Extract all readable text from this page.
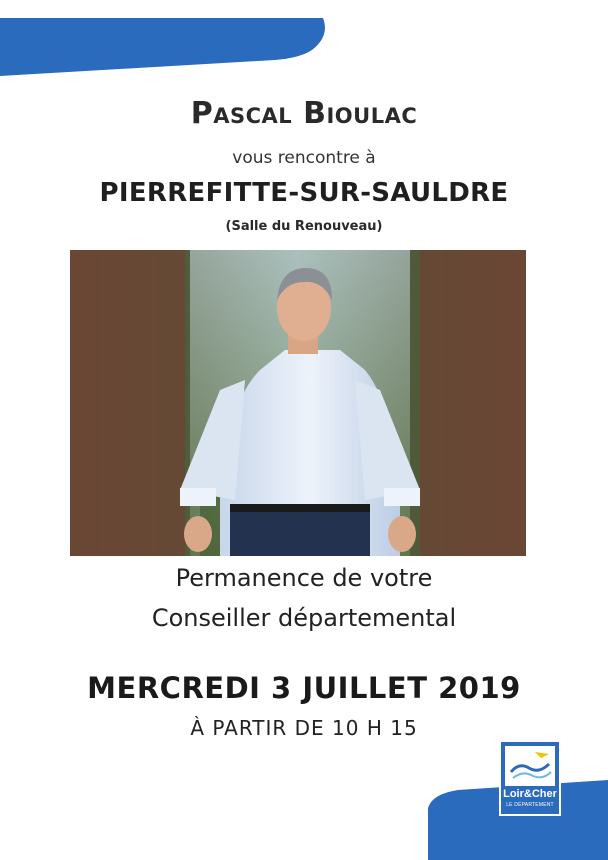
Pascal Bioulac
vous rencontre à
PIERREFITTE-SUR-SAULDRE
(Salle du Renouveau)
Permanence de votre
Conseiller départemental
MERCREDI 3 JUILLET 2019
À PARTIR DE 10 H 15
Loir&Cher
LE DÉPARTEMENT
